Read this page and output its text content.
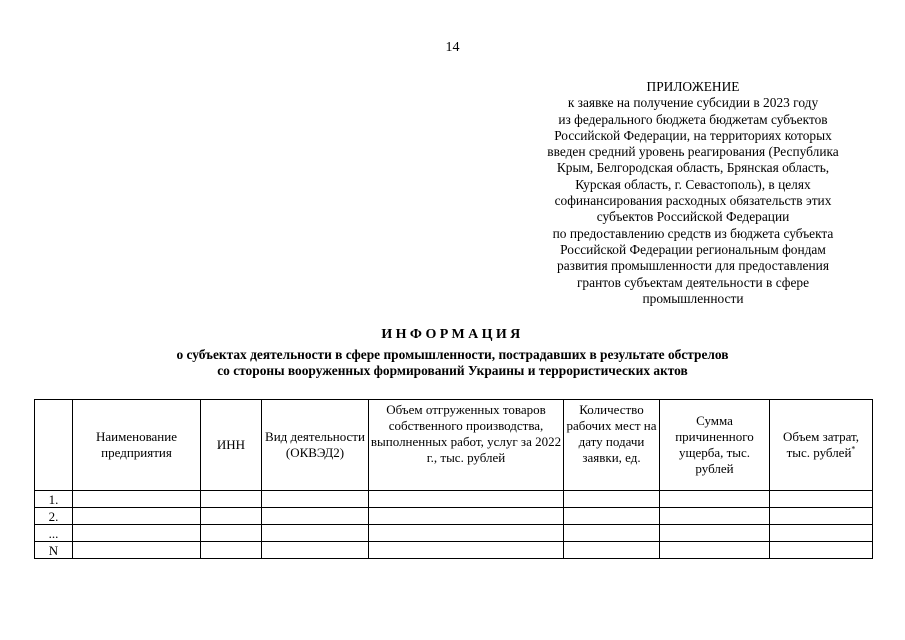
14
ПРИЛОЖЕНИЕ
к заявке на получение субсидии в 2023 году
из федерального бюджета бюджетам субъектов
Российской Федерации, на территориях которых
введен средний уровень реагирования (Республика
Крым, Белгородская область, Брянская область,
Курская область, г. Севастополь), в целях
софинансирования расходных обязательств этих
субъектов Российской Федерации
по предоставлению средств из бюджета субъекта
Российской Федерации региональным фондам
развития промышленности для предоставления
грантов субъектам деятельности в сфере
промышленности
ИНФОРМАЦИЯ
о субъектах деятельности в сфере промышленности, пострадавших в результате обстрелов
со стороны вооруженных формирований Украины и террористических актов
	Наименование предприятия	ИНН	Вид деятельности (ОКВЭД2)	Объем отгруженных товаров собственного производства, выполненных работ, услуг за 2022 г., тыс. рублей	Количество рабочих мест на дату подачи заявки, ед.	Сумма причиненного ущерба, тыс. рублей	Объем затрат, тыс. рублей*
1.							
2.							
...							
N							
